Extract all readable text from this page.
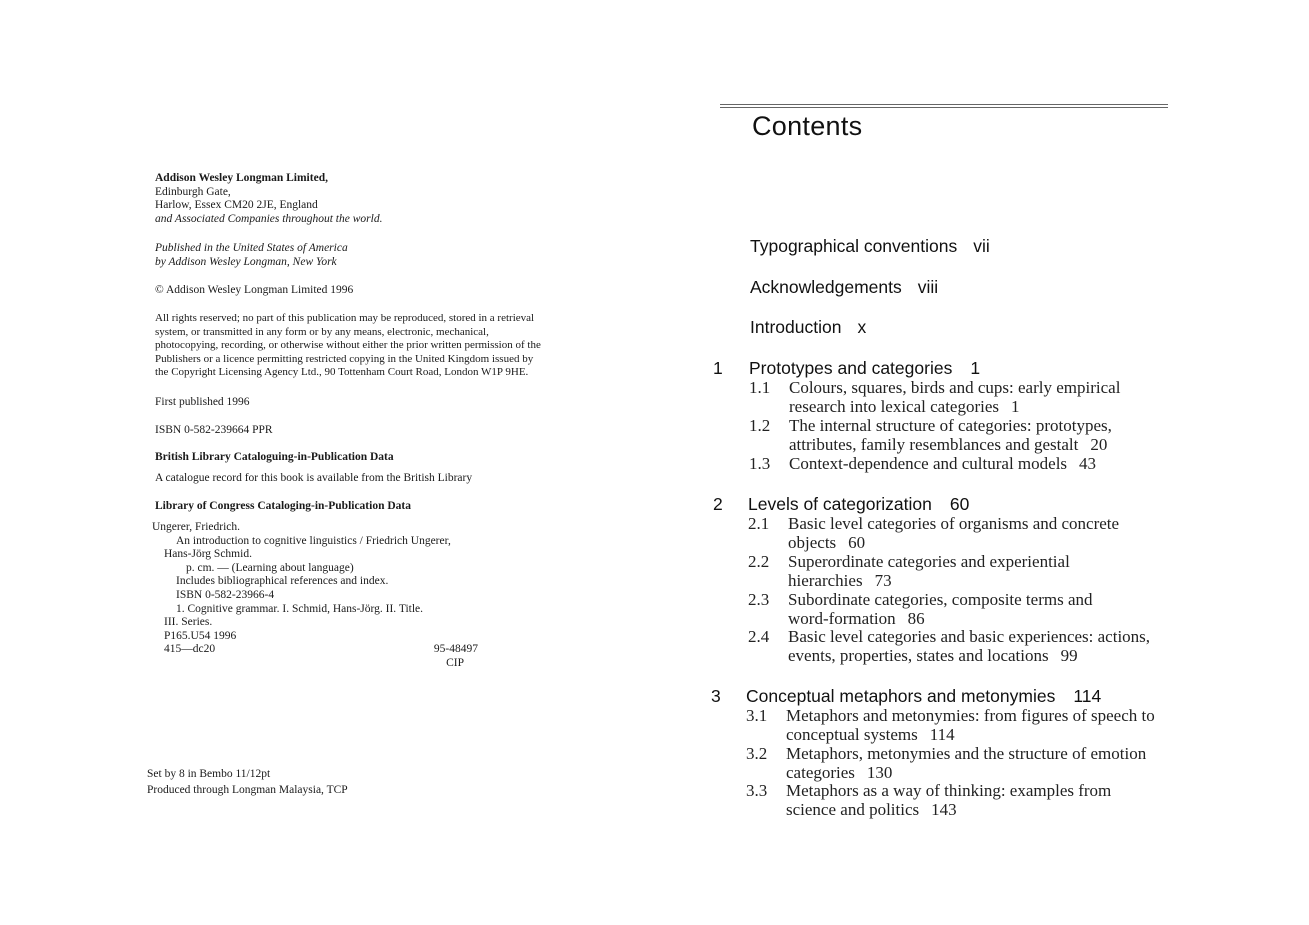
Addison Wesley Longman Limited,
Edinburgh Gate,
Harlow, Essex CM20 2JE, England
and Associated Companies throughout the world.
Published in the United States of America
by Addison Wesley Longman, New York
© Addison Wesley Longman Limited 1996
All rights reserved; no part of this publication may be reproduced, stored in a retrieval
system, or transmitted in any form or by any means, electronic, mechanical,
photocopying, recording, or otherwise without either the prior written permission of the
Publishers or a licence permitting restricted copying in the United Kingdom issued by
the Copyright Licensing Agency Ltd., 90 Tottenham Court Road, London W1P 9HE.
First published 1996
ISBN 0-582-239664 PPR
British Library Cataloguing-in-Publication Data
A catalogue record for this book is available from the British Library
Library of Congress Cataloging-in-Publication Data
Ungerer, Friedrich.
An introduction to cognitive linguistics / Friedrich Ungerer,
Hans-Jörg Schmid.
p. cm. — (Learning about language)
Includes bibliographical references and index.
ISBN 0-582-23966-4
1. Cognitive grammar. I. Schmid, Hans-Jörg. II. Title.
III. Series.
P165.U54 1996
415—dc20	95-48497
CIP
Set by 8 in Bembo 11/12pt
Produced through Longman Malaysia, TCP
Contents
Typographical conventions vii
Acknowledgements viii
Introduction x
1 Prototypes and categories 1
1.1 Colours, squares, birds and cups: early empirical
research into lexical categories 1
1.2 The internal structure of categories: prototypes,
attributes, family resemblances and gestalt 20
1.3 Context-dependence and cultural models 43
2 Levels of categorization 60
2.1 Basic level categories of organisms and concrete
objects 60
2.2 Superordinate categories and experiential
hierarchies 73
2.3 Subordinate categories, composite terms and
word-formation 86
2.4 Basic level categories and basic experiences: actions,
events, properties, states and locations 99
3 Conceptual metaphors and metonymies 114
3.1 Metaphors and metonymies: from figures of speech to
conceptual systems 114
3.2 Metaphors, metonymies and the structure of emotion
categories 130
3.3 Metaphors as a way of thinking: examples from
science and politics 143
